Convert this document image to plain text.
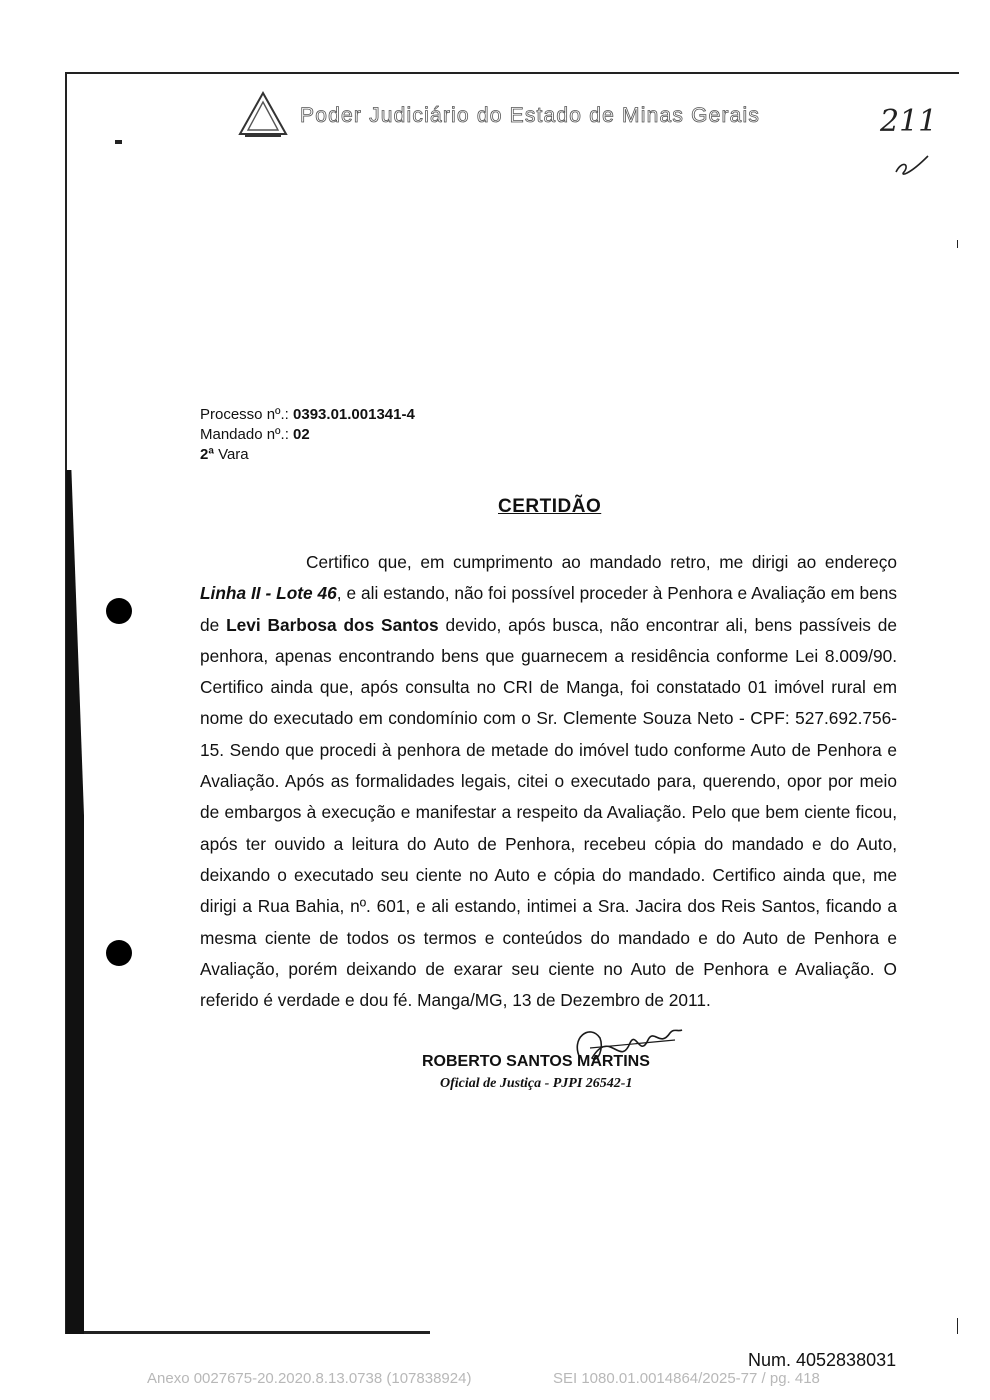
Poder Judiciário do Estado de Minas Gerais	211
Processo nº.: 0393.01.001341-4
Mandado nº.: 02
2ª Vara
CERTIDÃO
Certifico que, em cumprimento ao mandado retro, me dirigi ao endereço Linha II - Lote 46, e ali estando, não foi possível proceder à Penhora e Avaliação em bens de Levi Barbosa dos Santos devido, após busca, não encontrar ali, bens passíveis de penhora, apenas encontrando bens que guarnecem a residência conforme Lei 8.009/90. Certifico ainda que, após consulta no CRI de Manga, foi constatado 01 imóvel rural em nome do executado em condomínio com o Sr. Clemente Souza Neto - CPF: 527.692.756-15. Sendo que procedi à penhora de metade do imóvel tudo conforme Auto de Penhora e Avaliação. Após as formalidades legais, citei o executado para, querendo, opor por meio de embargos à execução e manifestar a respeito da Avaliação. Pelo que bem ciente ficou, após ter ouvido a leitura do Auto de Penhora, recebeu cópia do mandado e do Auto, deixando o executado seu ciente no Auto e cópia do mandado. Certifico ainda que, me dirigi a Rua Bahia, nº. 601, e ali estando, intimei a Sra. Jacira dos Reis Santos, ficando a mesma ciente de todos os termos e conteúdos do mandado e do Auto de Penhora e Avaliação, porém deixando de exarar seu ciente no Auto de Penhora e Avaliação. O referido é verdade e dou fé. Manga/MG, 13 de Dezembro de 2011.
ROBERTO SANTOS MARTINS
Oficial de Justiça - PJPI 26542-1
Num. 4052838031
Anexo 0027675-20.2020.8.13.0738 (107838924)	SEI 1080.01.0014864/2025-77 / pg. 418
